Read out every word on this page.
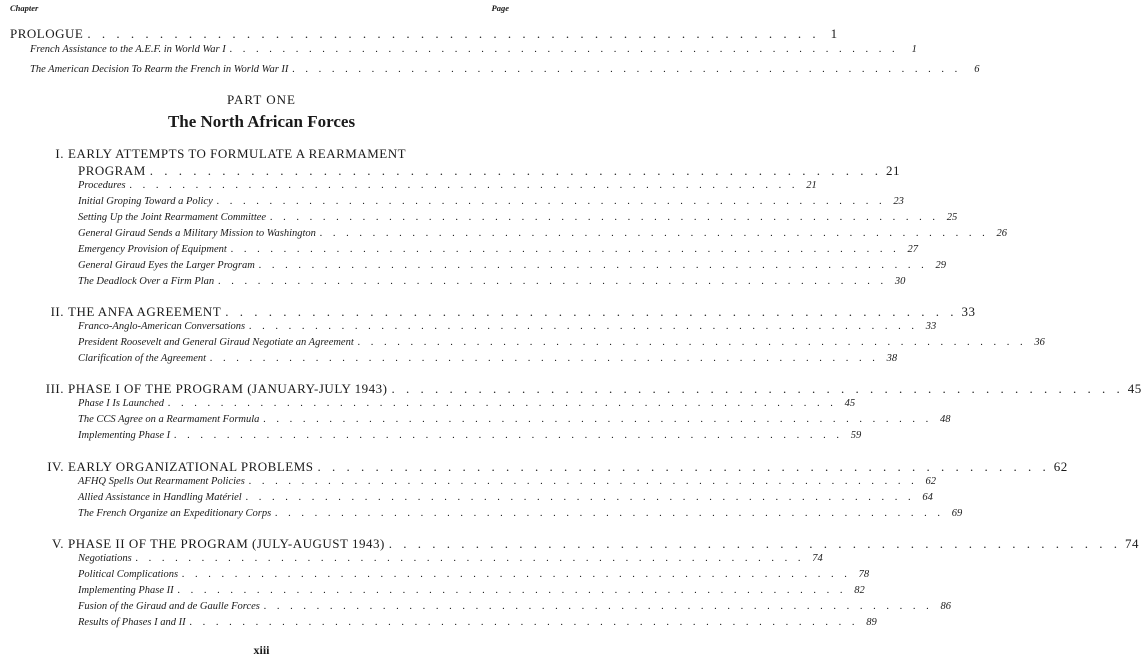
Chapter	Page
PROLOGUE . . . . . . . . . . . . . . . . . . . . . . . . . . . . . . . . . . . . . . . . . . . . . . . . . . . 1
French Assistance to the A.E.F. in World War I . . . . . . . . . . . . . . . . . . . . . . . . . . . . . . . . . . . . . . . . . . . . . . . . . . .	1
The American Decision To Rearm the French in World War II . . . . . . . . . . . . . . . . . . . . . . . . . . . . . . . . . . . . . . . . . . . . . . . . . . .	6
PART ONE
The North African Forces
I. EARLY ATTEMPTS TO FORMULATE A REARMAMENT
PROGRAM . . . . . . . . . . . . . . . . . . . . . . . . . . . . . . . . . . . . . . . . . . . . . . . . . . . 21
Procedures . . . . . . . . . . . . . . . . . . . . . . . . . . . . . . . . . . . . . . . . . . . . . . . . . . . 21
Initial Groping Toward a Policy . . . . . . . . . . . . . . . . . . . . . . . . . . . . . . . . . . . . . . . . . . . . . . . . . . . 23
Setting Up the Joint Rearmament Committee . . . . . . . . . . . . . . . . . . . . . . . . . . . . . . . . . . . . . . . . . . . . . . . . . . . 25
General Giraud Sends a Military Mission to Washington . . . . . . . . . . . . . . . . . . . . . . . . . . . . . . . . . . . . . . . . . . . . . . . . . . . 26
Emergency Provision of Equipment . . . . . . . . . . . . . . . . . . . . . . . . . . . . . . . . . . . . . . . . . . . . . . . . . . . 27
General Giraud Eyes the Larger Program . . . . . . . . . . . . . . . . . . . . . . . . . . . . . . . . . . . . . . . . . . . . . . . . . . . 29
The Deadlock Over a Firm Plan . . . . . . . . . . . . . . . . . . . . . . . . . . . . . . . . . . . . . . . . . . . . . . . . . . . 30
II. THE ANFA AGREEMENT . . . . . . . . . . . . . . . . . . . . . . . . . . . . . . . . . . . . . . . . . . . . . . . . . . . 33
Franco-Anglo-American Conversations . . . . . . . . . . . . . . . . . . . . . . . . . . . . . . . . . . . . . . . . . . . . . . . . . . . 33
President Roosevelt and General Giraud Negotiate an Agreement . . . . . . . . . . . . . . . . . . . . . . . . . . . . . . . . . . . . . . . . . . . . . . . . . . . 36
Clarification of the Agreement . . . . . . . . . . . . . . . . . . . . . . . . . . . . . . . . . . . . . . . . . . . . . . . . . . . 38
III. PHASE I OF THE PROGRAM (JANUARY-JULY 1943) . . . . . . . . . . . . . . . . . . . . . . . . . . . . . . . . . . . . . . . . . . . . . . . . . . . 45
Phase I Is Launched . . . . . . . . . . . . . . . . . . . . . . . . . . . . . . . . . . . . . . . . . . . . . . . . . . . 45
The CCS Agree on a Rearmament Formula . . . . . . . . . . . . . . . . . . . . . . . . . . . . . . . . . . . . . . . . . . . . . . . . . . . 48
Implementing Phase I . . . . . . . . . . . . . . . . . . . . . . . . . . . . . . . . . . . . . . . . . . . . . . . . . . . 59
IV. EARLY ORGANIZATIONAL PROBLEMS . . . . . . . . . . . . . . . . . . . . . . . . . . . . . . . . . . . . . . . . . . . . . . . . . . . 62
AFHQ Spells Out Rearmament Policies . . . . . . . . . . . . . . . . . . . . . . . . . . . . . . . . . . . . . . . . . . . . . . . . . . . 62
Allied Assistance in Handling Matériel . . . . . . . . . . . . . . . . . . . . . . . . . . . . . . . . . . . . . . . . . . . . . . . . . . . 64
The French Organize an Expeditionary Corps . . . . . . . . . . . . . . . . . . . . . . . . . . . . . . . . . . . . . . . . . . . . . . . . . . . 69
V. PHASE II OF THE PROGRAM (JULY-AUGUST 1943) . . . . . . . . . . . . . . . . . . . . . . . . . . . . . . . . . . . . . . . . . . . . . . . . . . . 74
Negotiations . . . . . . . . . . . . . . . . . . . . . . . . . . . . . . . . . . . . . . . . . . . . . . . . . . . 74
Political Complications . . . . . . . . . . . . . . . . . . . . . . . . . . . . . . . . . . . . . . . . . . . . . . . . . . . 78
Implementing Phase II . . . . . . . . . . . . . . . . . . . . . . . . . . . . . . . . . . . . . . . . . . . . . . . . . . . 82
Fusion of the Giraud and de Gaulle Forces . . . . . . . . . . . . . . . . . . . . . . . . . . . . . . . . . . . . . . . . . . . . . . . . . . . 86
Results of Phases I and II . . . . . . . . . . . . . . . . . . . . . . . . . . . . . . . . . . . . . . . . . . . . . . . . . . . 89
xiii
